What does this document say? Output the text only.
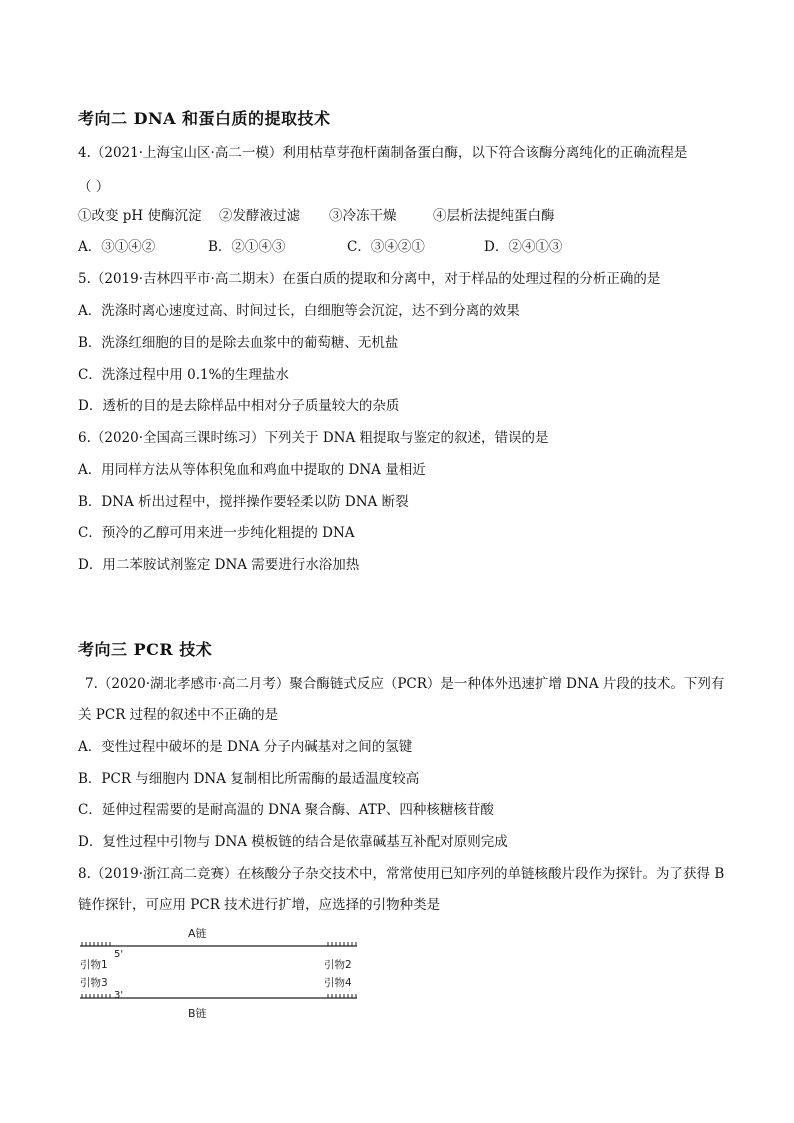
考向二 DNA 和蛋白质的提取技术
4.（2021·上海宝山区·高二一模）利用枯草芽孢杆菌制备蛋白酶，以下符合该酶分离纯化的正确流程是
（ ）
①改变 pH 使酶沉淀 ②发酵液过滤 ③冷冻干燥	④层析法提纯蛋白酶
A．③①④②	B．②①④③	C．③④②①	D．②④①③
5.（2019·吉林四平市·高二期末）在蛋白质的提取和分离中，对于样品的处理过程的分析正确的是
A．洗涤时离心速度过高、时间过长，白细胞等会沉淀，达不到分离的效果
B．洗涤红细胞的目的是除去血浆中的葡萄糖、无机盐
C．洗涤过程中用 0.1%的生理盐水
D．透析的目的是去除样品中相对分子质量较大的杂质
6.（2020·全国高三课时练习）下列关于 DNA 粗提取与鉴定的叙述，错误的是
A．用同样方法从等体积兔血和鸡血中提取的 DNA 量相近
B．DNA 析出过程中，搅拌操作要轻柔以防 DNA 断裂
C．预冷的乙醇可用来进一步纯化粗提的 DNA
D．用二苯胺试剂鉴定 DNA 需要进行水浴加热
考向三 PCR 技术
7.（2020·湖北孝感市·高二月考）聚合酶链式反应（PCR）是一种体外迅速扩增 DNA 片段的技术。下列有
关 PCR 过程的叙述中不正确的是
A．变性过程中破坏的是 DNA 分子内碱基对之间的氢键
B．PCR 与细胞内 DNA 复制相比所需酶的最适温度较高
C．延伸过程需要的是耐高温的 DNA 聚合酶、ATP、四种核糖核苷酸
D．复性过程中引物与 DNA 模板链的结合是依靠碱基互补配对原则完成
8.（2019·浙江高二竞赛）在核酸分子杂交技术中，常常使用已知序列的单链核酸片段作为探针。为了获得 B
链作探针，可应用 PCR 技术进行扩增，应选择的引物种类是
A链
5'
引物1	引物2
引物3	引物4
3'
B链
